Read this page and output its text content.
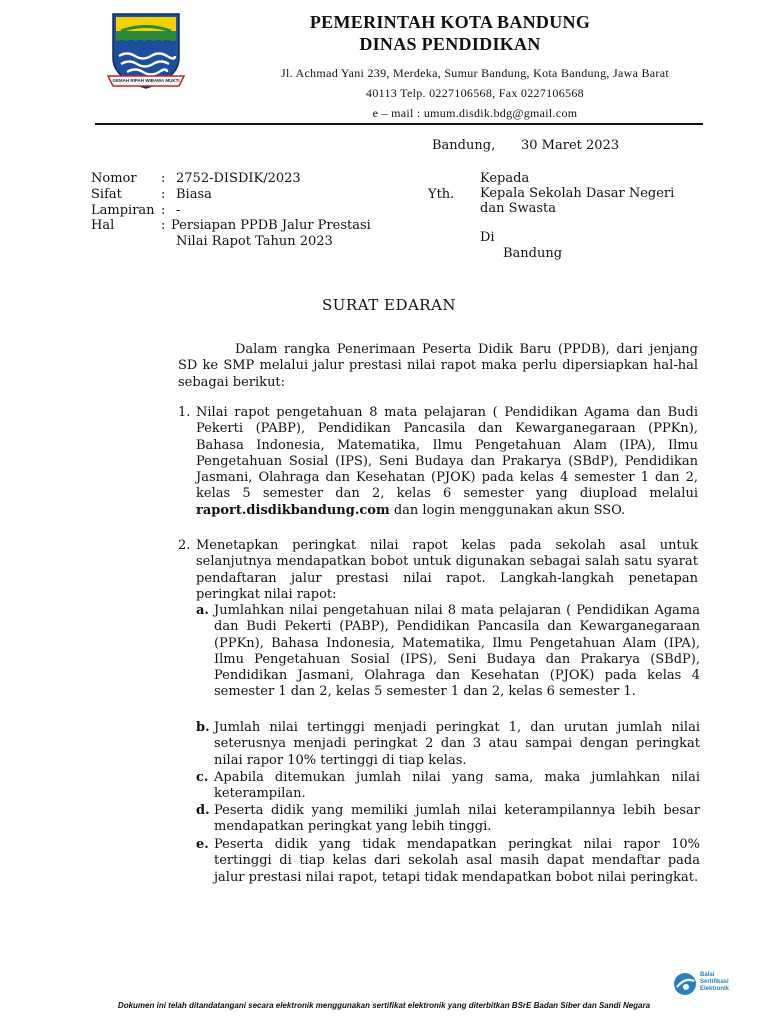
GEMAH RIPAH WIBAWA MUKTI
PEMERINTAH KOTA BANDUNG
DINAS PENDIDIKAN
Jl. Achmad Yani 239, Merdeka, Sumur Bandung, Kota Bandung, Jawa Barat
40113 Telp. 0227106568, Fax 0227106568
e – mail : umum.disdik.bdg@gmail.com
Bandung, 30 Maret 2023
Nomor : 2752-DISDIK/2023
Sifat	: Biasa
Lampiran : -
Hal	: Persiapan PPDB Jalur Prestasi
Nilai Rapot Tahun 2023
Yth.
Kepada
Kepala Sekolah Dasar Negeri
dan Swasta
Di
Bandung
SURAT EDARAN
Dalam rangka Penerimaan Peserta Didik Baru (PPDB), dari jenjang SD ke SMP melalui jalur prestasi nilai rapot maka perlu dipersiapkan hal-hal sebagai berikut:
1. Nilai rapot pengetahuan 8 mata pelajaran ( Pendidikan Agama dan Budi Pekerti (PABP), Pendidikan Pancasila dan Kewarganegaraan (PPKn), Bahasa Indonesia, Matematika, Ilmu Pengetahuan Alam (IPA), Ilmu Pengetahuan Sosial (IPS), Seni Budaya dan Prakarya (SBdP), Pendidikan Jasmani, Olahraga dan Kesehatan (PJOK) pada kelas 4 semester 1 dan 2, kelas 5 semester dan 2, kelas 6 semester yang diupload melalui raport.disdikbandung.com dan login menggunakan akun SSO.
2. Menetapkan peringkat nilai rapot kelas pada sekolah asal untuk selanjutnya mendapatkan bobot untuk digunakan sebagai salah satu syarat pendaftaran jalur prestasi nilai rapot. Langkah-langkah penetapan peringkat nilai rapot:
a. Jumlahkan nilai pengetahuan nilai 8 mata pelajaran ( Pendidikan Agama dan Budi Pekerti (PABP), Pendidikan Pancasila dan Kewarganegaraan (PPKn), Bahasa Indonesia, Matematika, Ilmu Pengetahuan Alam (IPA), Ilmu Pengetahuan Sosial (IPS), Seni Budaya dan Prakarya (SBdP), Pendidikan Jasmani, Olahraga dan Kesehatan (PJOK) pada kelas 4 semester 1 dan 2, kelas 5 semester 1 dan 2, kelas 6 semester 1.
b. Jumlah nilai tertinggi menjadi peringkat 1, dan urutan jumlah nilai seterusnya menjadi peringkat 2 dan 3 atau sampai dengan peringkat nilai rapor 10% tertinggi di tiap kelas.
c. Apabila ditemukan jumlah nilai yang sama, maka jumlahkan nilai keterampilan.
d. Peserta didik yang memiliki jumlah nilai keterampilannya lebih besar mendapatkan peringkat yang lebih tinggi.
e. Peserta didik yang tidak mendapatkan peringkat nilai rapor 10% tertinggi di tiap kelas dari sekolah asal masih dapat mendaftar pada jalur prestasi nilai rapot, tetapi tidak mendapatkan bobot nilai peringkat.
Balai
Sertifikasi
Elektronik
Dokumen ini telah ditandatangani secara elektronik menggunakan sertifikat elektronik yang diterbitkan BSrE Badan Siber dan Sandi Negara
